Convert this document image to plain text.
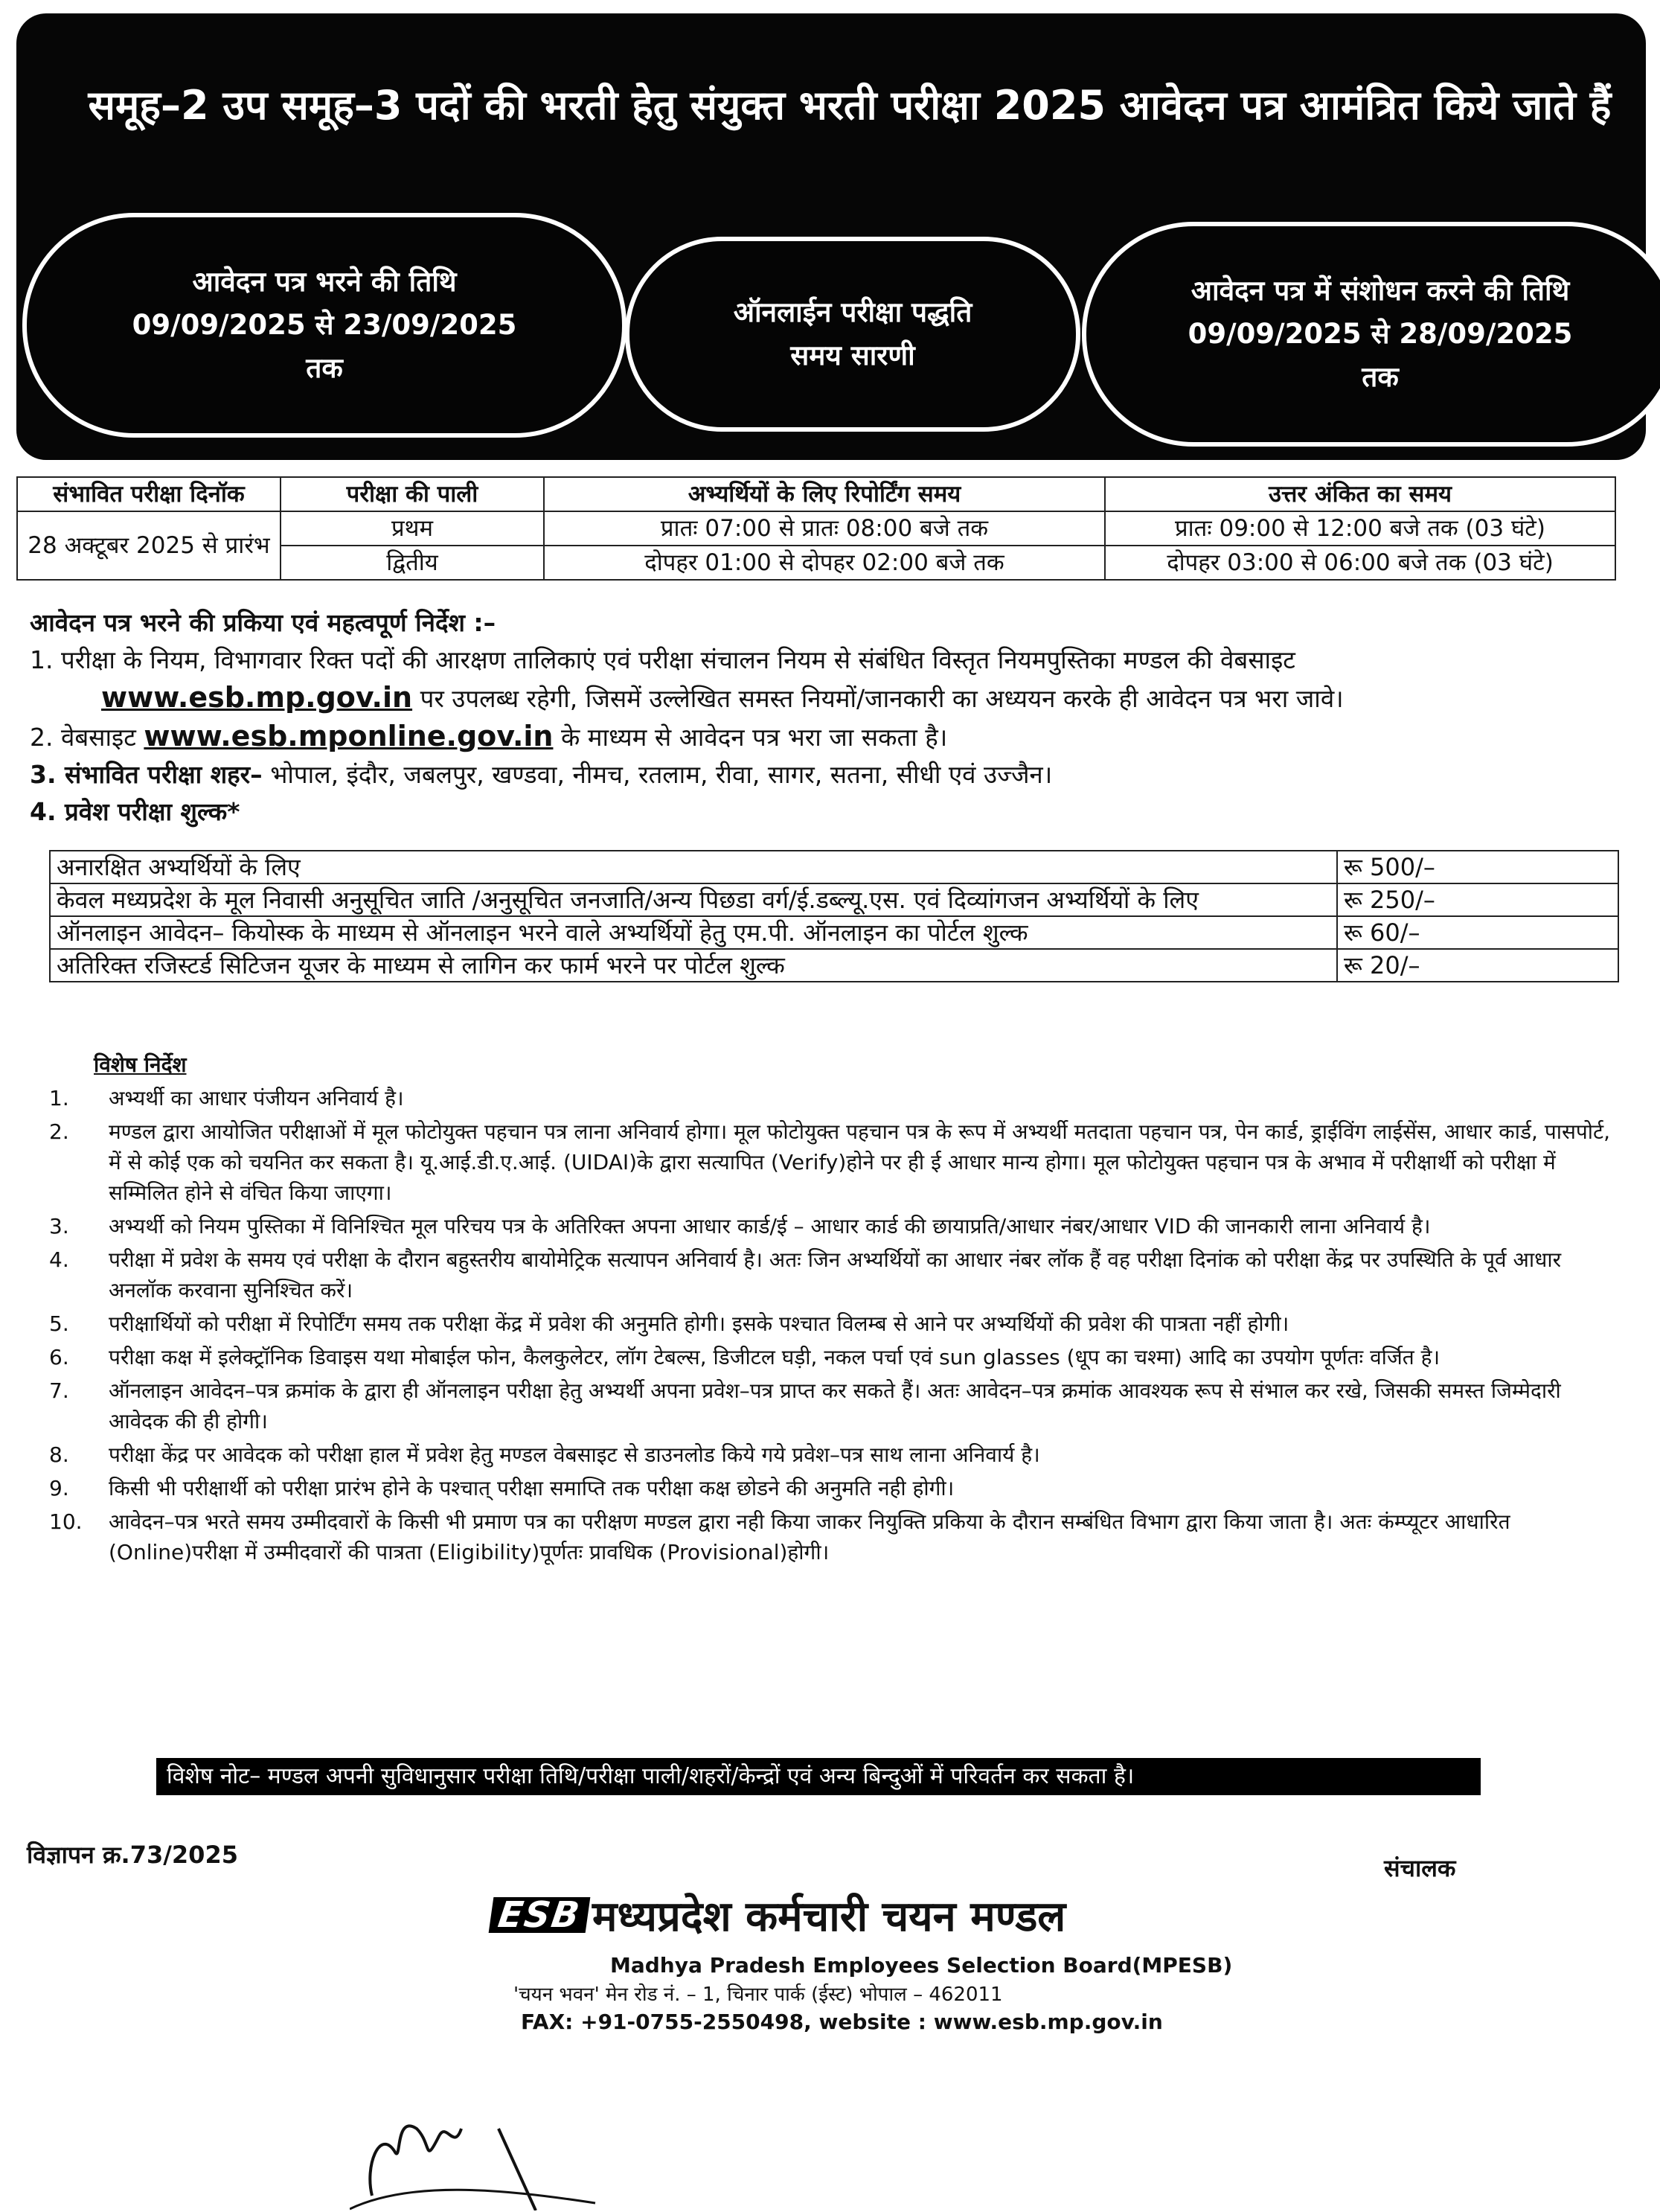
समूह–2 उप समूह–3 पदों की भरती हेतु संयुक्त भरती परीक्षा 2025 आवेदन पत्र आमंत्रित किये जाते हैं
आवेदन पत्र भरने की तिथि
09/09/2025 से 23/09/2025
तक
ऑनलाईन परीक्षा पद्धति
समय सारणी
आवेदन पत्र में संशोधन करने की तिथि
09/09/2025 से 28/09/2025
तक
संभावित परीक्षा दिनॉक	परीक्षा की पाली	अभ्यर्थियों के लिए रिपोर्टिंग समय	उत्तर अंकित का समय
28 अक्टूबर 2025 से प्रारंभ	प्रथम	प्रातः 07:00 से प्रातः 08:00 बजे तक	प्रातः 09:00 से 12:00 बजे तक (03 घंटे)
	द्वितीय	दोपहर 01:00 से दोपहर 02:00 बजे तक	दोपहर 03:00 से 06:00 बजे तक (03 घंटे)
आवेदन पत्र भरने की प्रकिया एवं महत्वपूर्ण निर्देश :–
1. परीक्षा के नियम, विभागवार रिक्त पदों की आरक्षण तालिकाएं एवं परीक्षा संचालन नियम से संबंधित विस्तृत नियमपुस्तिका मण्डल की वेबसाइट
www.esb.mp.gov.in पर उपलब्ध रहेगी, जिसमें उल्लेखित समस्त नियमों/जानकारी का अध्ययन करके ही आवेदन पत्र भरा जावे।
2. वेबसाइट www.esb.mponline.gov.in के माध्यम से आवेदन पत्र भरा जा सकता है।
3. संभावित परीक्षा शहर– भोपाल, इंदौर, जबलपुर, खण्डवा, नीमच, रतलाम, रीवा, सागर, सतना, सीधी एवं उज्जैन।
4. प्रवेश परीक्षा शुल्क*
अनारक्षित अभ्यर्थियों के लिए	रू 500/–
केवल मध्यप्रदेश के मूल निवासी अनुसूचित जाति /अनुसूचित जनजाति/अन्य पिछडा वर्ग/ई.डब्ल्यू.एस. एवं दिव्यांगजन अभ्यर्थियों के लिए	रू 250/–
ऑनलाइन आवेदन– कियोस्क के माध्यम से ऑनलाइन भरने वाले अभ्यर्थियों हेतु एम.पी. ऑनलाइन का पोर्टल शुल्क	रू 60/–
अतिरिक्त रजिस्टर्ड सिटिजन यूजर के माध्यम से लागिन कर फार्म भरने पर पोर्टल शुल्क	रू 20/–
विशेष निर्देश
1.	अभ्यर्थी का आधार पंजीयन अनिवार्य है।
2.	मण्डल द्वारा आयोजित परीक्षाओं में मूल फोटोयुक्त पहचान पत्र लाना अनिवार्य होगा। मूल फोटोयुक्त पहचान पत्र के रूप में अभ्यर्थी मतदाता पहचान पत्र, पेन कार्ड, ड्राईविंग लाईसेंस, आधार कार्ड, पासपोर्ट, में से कोई एक को चयनित कर सकता है। यू.आई.डी.ए.आई. (UIDAI)के द्वारा सत्यापित (Verify)होने पर ही ई आधार मान्य होगा। मूल फोटोयुक्त पहचान पत्र के अभाव में परीक्षार्थी को परीक्षा में सम्मिलित होने से वंचित किया जाएगा।
3.	अभ्यर्थी को नियम पुस्तिका में विनिश्चित मूल परिचय पत्र के अतिरिक्त अपना आधार कार्ड/ई – आधार कार्ड की छायाप्रति/आधार नंबर/आधार VID की जानकारी लाना अनिवार्य है।
4.	परीक्षा में प्रवेश के समय एवं परीक्षा के दौरान बहुस्तरीय बायोमेट्रिक सत्यापन अनिवार्य है। अतः जिन अभ्यर्थियों का आधार नंबर लॉक हैं वह परीक्षा दिनांक को परीक्षा केंद्र पर उपस्थिति के पूर्व आधार अनलॉक करवाना सुनिश्चित करें।
5.	परीक्षार्थियों को परीक्षा में रिपोर्टिंग समय तक परीक्षा केंद्र में प्रवेश की अनुमति होगी। इसके पश्चात विलम्ब से आने पर अभ्यर्थियों की प्रवेश की पात्रता नहीं होगी।
6.	परीक्षा कक्ष में इलेक्ट्रॉनिक डिवाइस यथा मोबाईल फोन, कैलकुलेटर, लॉग टेबल्स, डिजीटल घड़ी, नकल पर्चा एवं sun glasses (धूप का चश्मा) आदि का उपयोग पूर्णतः वर्जित है।
7.	ऑनलाइन आवेदन–पत्र क्रमांक के द्वारा ही ऑनलाइन परीक्षा हेतु अभ्यर्थी अपना प्रवेश–पत्र प्राप्त कर सकते हैं। अतः आवेदन–पत्र क्रमांक आवश्यक रूप से संभाल कर रखे, जिसकी समस्त जिम्मेदारी आवेदक की ही होगी।
8.	परीक्षा केंद्र पर आवेदक को परीक्षा हाल में प्रवेश हेतु मण्डल वेबसाइट से डाउनलोड किये गये प्रवेश–पत्र साथ लाना अनिवार्य है।
9.	किसी भी परीक्षार्थी को परीक्षा प्रारंभ होने के पश्चात् परीक्षा समाप्ति तक परीक्षा कक्ष छोडने की अनुमति नही होगी।
10.	आवेदन–पत्र भरते समय उम्मीदवारों के किसी भी प्रमाण पत्र का परीक्षण मण्डल द्वारा नही किया जाकर नियुक्ति प्रकिया के दौरान सम्बंधित विभाग द्वारा किया जाता है। अतः कंम्प्यूटर आधारित (Online)परीक्षा में उम्मीदवारों की पात्रता (Eligibility)पूर्णतः प्रावधिक (Provisional)होगी।
विशेष नोट– मण्डल अपनी सुविधानुसार परीक्षा तिथि/परीक्षा पाली/शहरों/केन्द्रों एवं अन्य बिन्दुओं में परिवर्तन कर सकता है।
विज्ञापन क्र.73/2025	संचालक
ESB मध्यप्रदेश कर्मचारी चयन मण्डल
Madhya Pradesh Employees Selection Board(MPESB)
'चयन भवन' मेन रोड नं. – 1, चिनार पार्क (ईस्ट) भोपाल – 462011
FAX: +91-0755-2550498, website : www.esb.mp.gov.in
